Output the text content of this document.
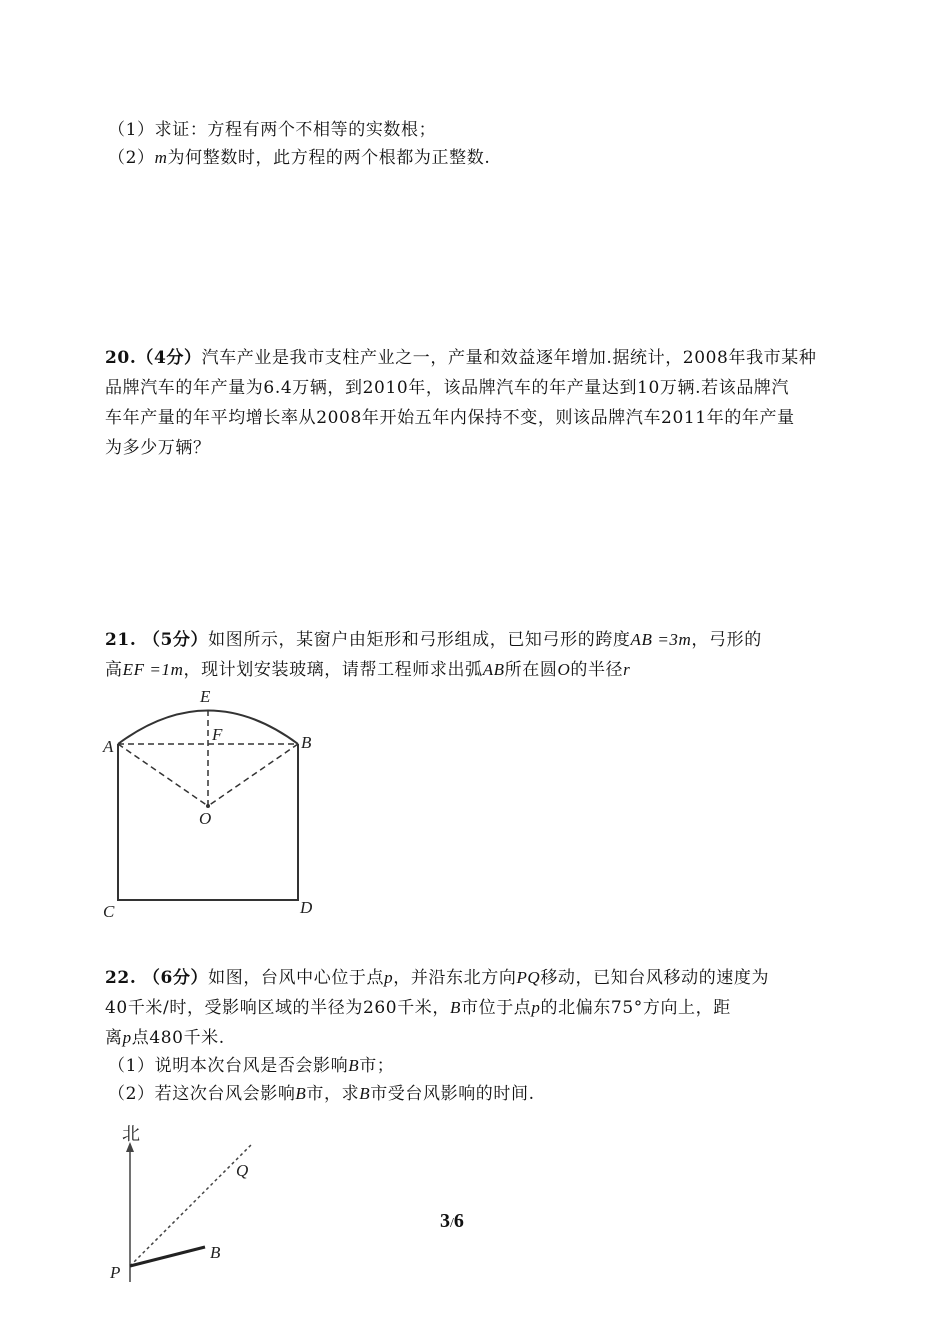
（1）求证：方程有两个不相等的实数根；
（2）m为何整数时，此方程的两个根都为正整数.
20.（4分）汽车产业是我市支柱产业之一，产量和效益逐年增加.据统计，2008年我市某种
品牌汽车的年产量为6.4万辆，到2010年，该品牌汽车的年产量达到10万辆.若该品牌汽
车年产量的年平均增长率从2008年开始五年内保持不变，则该品牌汽车2011年的年产量
为多少万辆？
21. （5分）如图所示，某窗户由矩形和弓形组成，已知弓形的跨度AB =3m，弓形的
高EF =1m，现计划安装玻璃，请帮工程师求出弧AB所在圆O的半径r
E
F
A	B
O
C	D
22. （6分）如图，台风中心位于点p，并沿东北方向PQ移动，已知台风移动的速度为
40千米/时，受影响区域的半径为260千米，B市位于点p的北偏东75°方向上，距
离p点480千米.
（1）说明本次台风是否会影响B市；
（2）若这次台风会影响B市，求B市受台风影响的时间.
北
Q
P
B
3/6
